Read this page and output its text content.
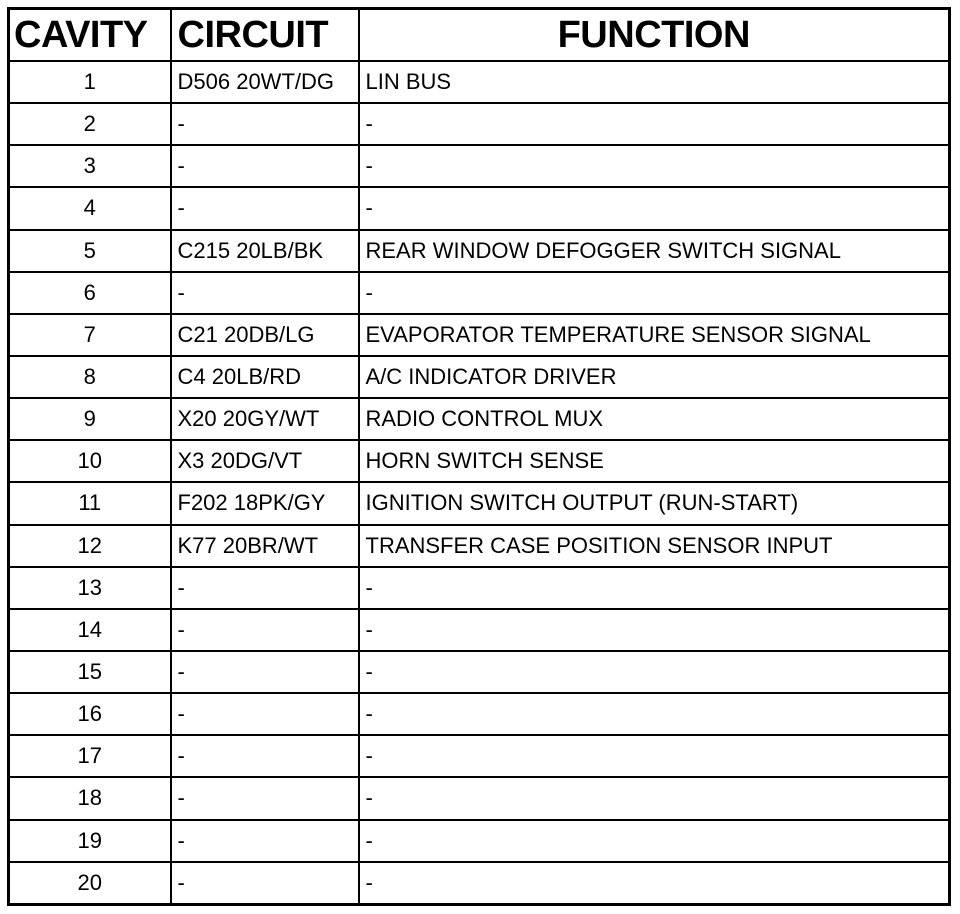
CAVITY	CIRCUIT	FUNCTION
1	D506 20WT/DG	LIN BUS
2	-	-
3	-	-
4	-	-
5	C215 20LB/BK	REAR WINDOW DEFOGGER SWITCH SIGNAL
6	-	-
7	C21 20DB/LG	EVAPORATOR TEMPERATURE SENSOR SIGNAL
8	C4 20LB/RD	A/C INDICATOR DRIVER
9	X20 20GY/WT	RADIO CONTROL MUX
10	X3 20DG/VT	HORN SWITCH SENSE
11	F202 18PK/GY	IGNITION SWITCH OUTPUT (RUN-START)
12	K77 20BR/WT	TRANSFER CASE POSITION SENSOR INPUT
13	-	-
14	-	-
15	-	-
16	-	-
17	-	-
18	-	-
19	-	-
20	-	-
